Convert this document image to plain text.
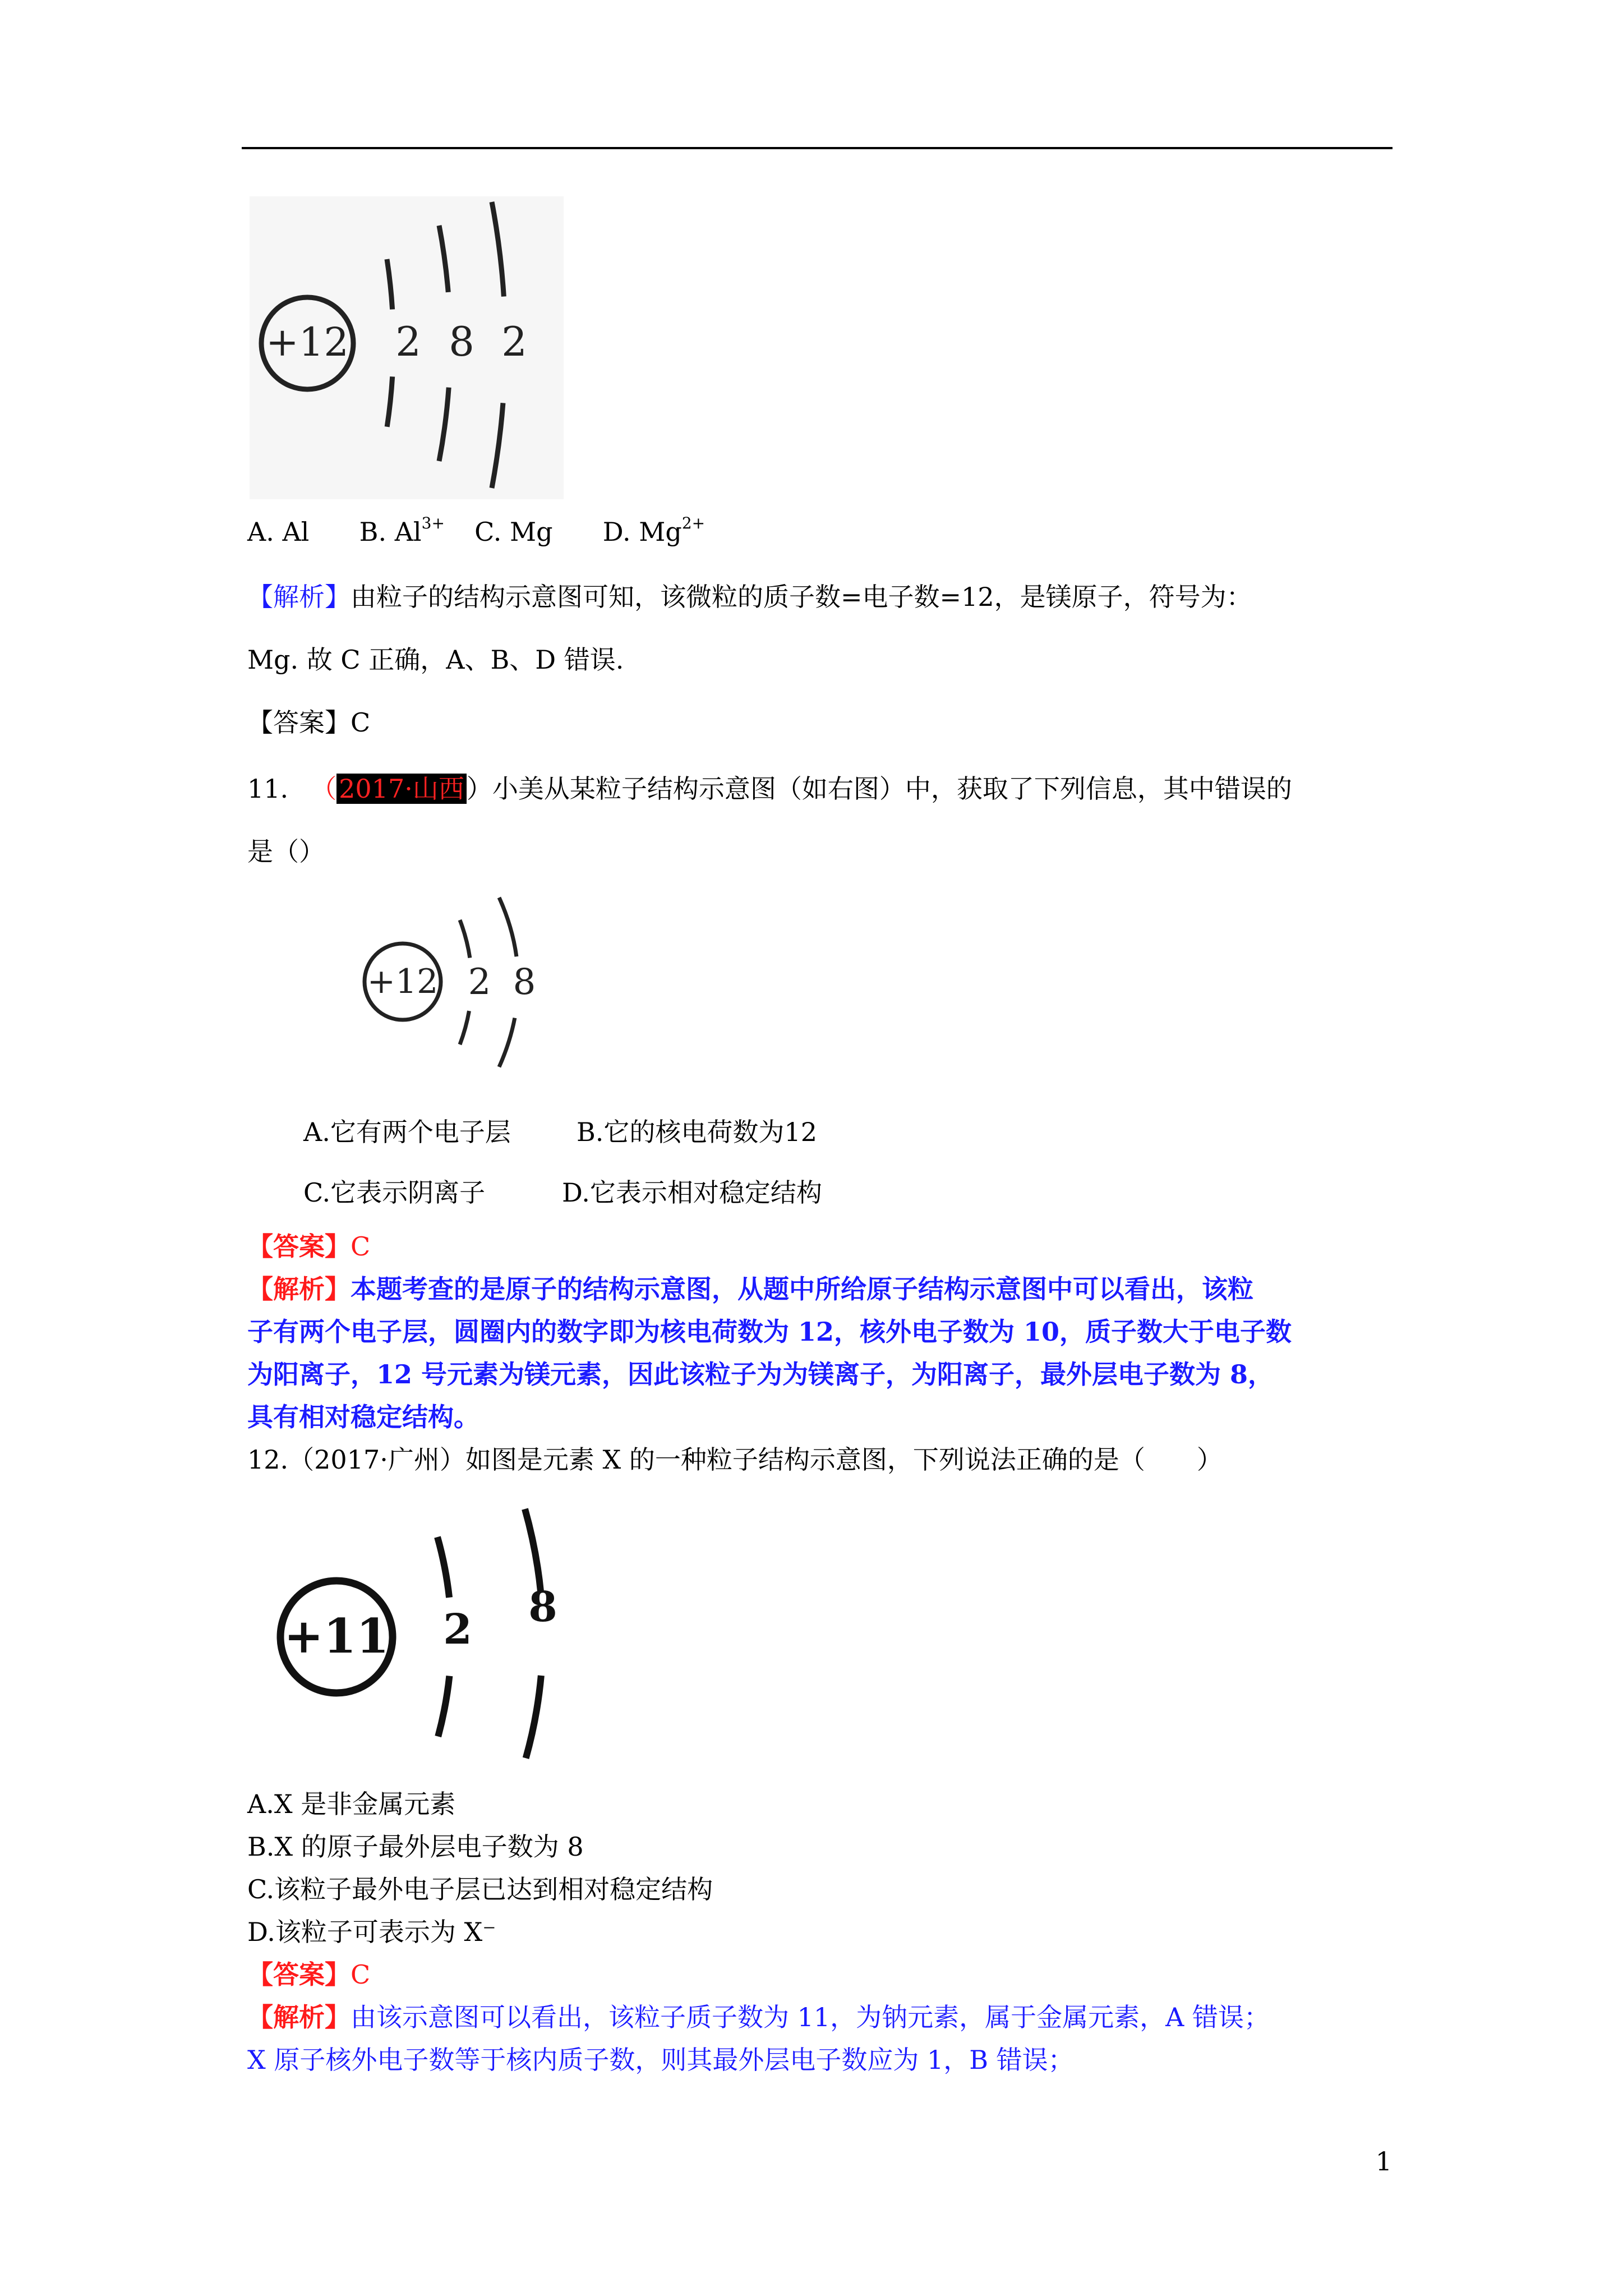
+12 2 8 2
A. Al B. $Al^{3+}$ C. Mg D. $Mg^{2+}$
【解析】由粒子的结构示意图可知，该微粒的质子数=电子数=12，是镁原子，符号为：
Mg. 故 C 正确，A、B、D 错误.
【答案】C
11. （2017·山西）小美从某粒子结构示意图（如右图）中，获取了下列信息，其中错误的
是（）
+12 2 8
A.它有两个电子层	B.它的核电荷数为12
C.它表示阴离子	D.它表示相对稳定结构
【答案】C
【解析】本题考查的是原子的结构示意图，从题中所给原子结构示意图中可以看出，该粒
子有两个电子层，圆圈内的数字即为核电荷数为 12，核外电子数为 10，质子数大于电子数
为阳离子，12 号元素为镁元素，因此该粒子为为镁离子，为阳离子，最外层电子数为 8，
具有相对稳定结构。
12.（2017·广州）如图是元素 X 的一种粒子结构示意图，下列说法正确的是（　　）
+11 2 8
A.X 是非金属元素
B.X 的原子最外层电子数为 8
C.该粒子最外电子层已达到相对稳定结构
D.该粒子可表示为 X⁻
【答案】C
【解析】由该示意图可以看出，该粒子质子数为 11，为钠元素，属于金属元素，A 错误；
X 原子核外电子数等于核内质子数，则其最外层电子数应为 1，B 错误；
1
